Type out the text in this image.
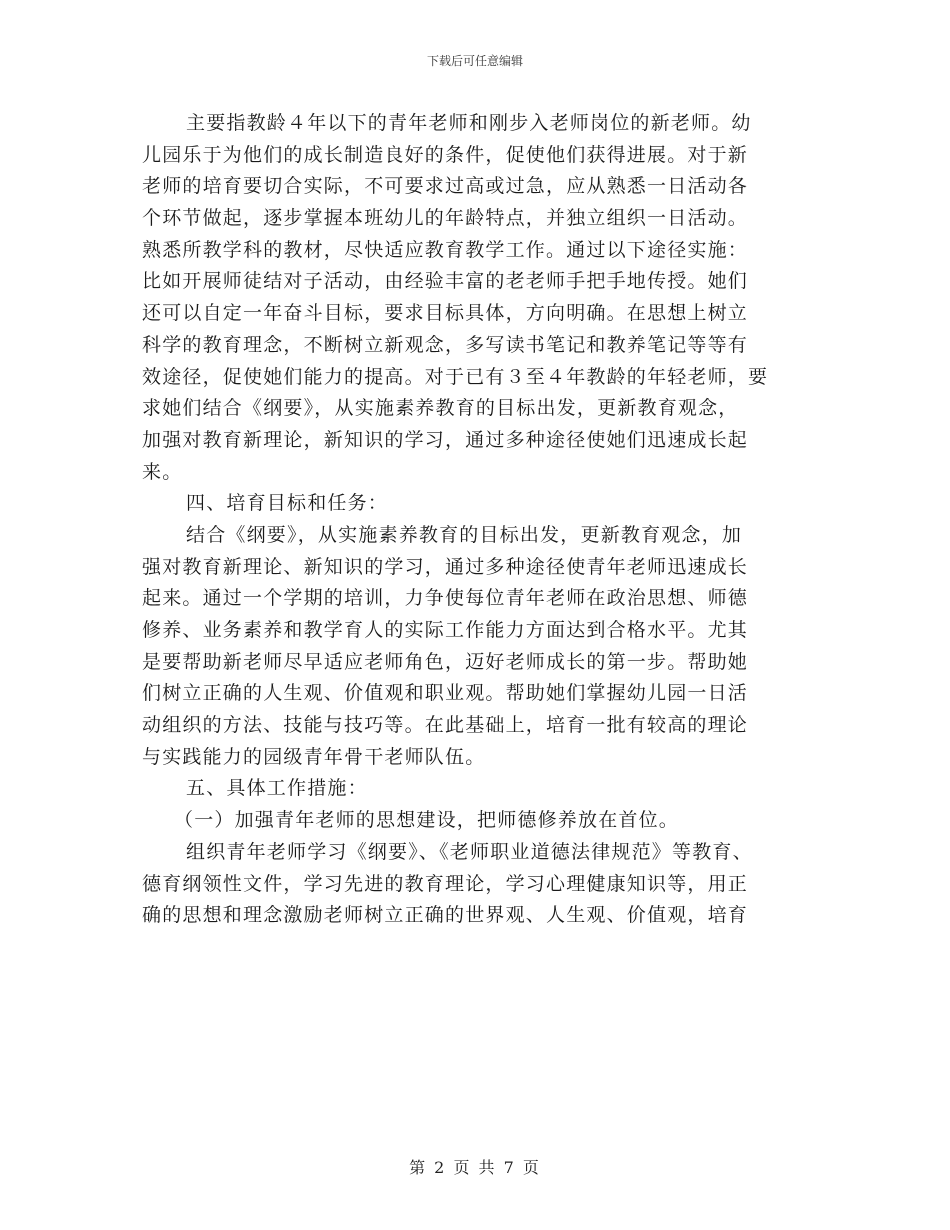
下载后可任意编辑
主要指教龄４年以下的青年老师和刚步入老师岗位的新老师。幼
儿园乐于为他们的成长制造良好的条件，促使他们获得进展。对于新
老师的培育要切合实际，不可要求过高或过急，应从熟悉一日活动各
个环节做起，逐步掌握本班幼儿的年龄特点，并独立组织一日活动。
熟悉所教学科的教材，尽快适应教育教学工作。通过以下途径实施：
比如开展师徒结对子活动，由经验丰富的老老师手把手地传授。她们
还可以自定一年奋斗目标，要求目标具体，方向明确。在思想上树立
科学的教育理念，不断树立新观念，多写读书笔记和教养笔记等等有
效途径，促使她们能力的提高。对于已有３至４年教龄的年轻老师，要
求她们结合《纲要》，从实施素养教育的目标出发，更新教育观念，
加强对教育新理论，新知识的学习，通过多种途径使她们迅速成长起
来。
四、培育目标和任务：
结合《纲要》，从实施素养教育的目标出发，更新教育观念，加
强对教育新理论、新知识的学习，通过多种途径使青年老师迅速成长
起来。通过一个学期的培训，力争使每位青年老师在政治思想、师德
修养、业务素养和教学育人的实际工作能力方面达到合格水平。尤其
是要帮助新老师尽早适应老师角色，迈好老师成长的第一步。帮助她
们树立正确的人生观、价值观和职业观。帮助她们掌握幼儿园一日活
动组织的方法、技能与技巧等。在此基础上，培育一批有较高的理论
与实践能力的园级青年骨干老师队伍。
五、具体工作措施：
（一）加强青年老师的思想建设，把师德修养放在首位。
组织青年老师学习《纲要》、《老师职业道德法律规范》等教育、
德育纲领性文件，学习先进的教育理论，学习心理健康知识等，用正
确的思想和理念激励老师树立正确的世界观、人生观、价值观，培育
第 2 页 共 7 页
